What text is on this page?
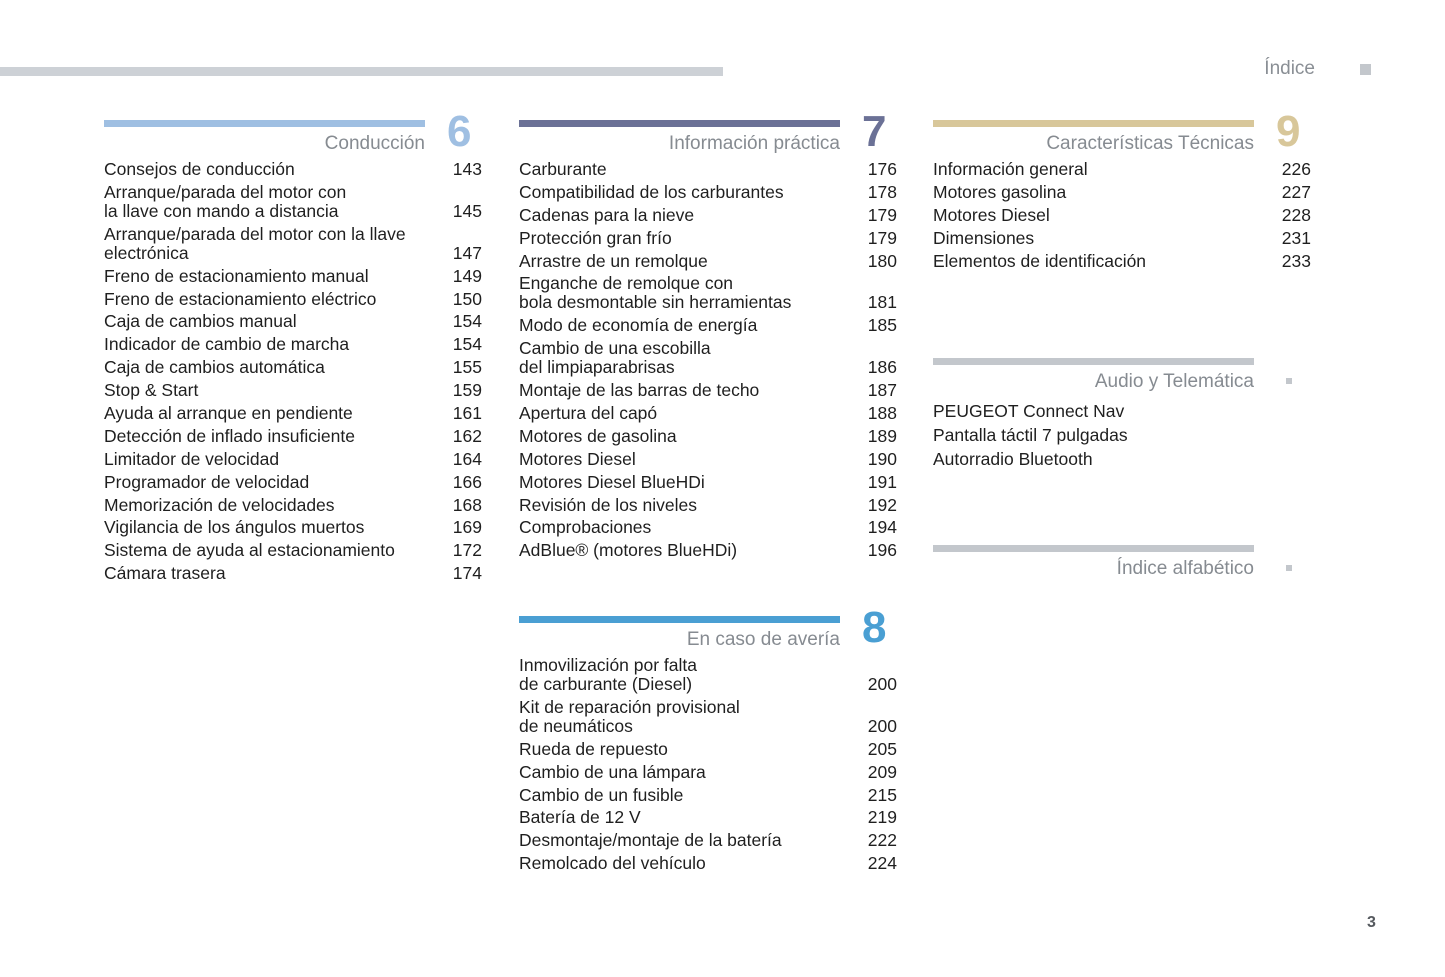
Índice
Conducción 6
Consejos de conducción	143
Arranque/parada del motor con
la llave con mando a distancia	145
Arranque/parada del motor con la llave
electrónica	147
Freno de estacionamiento manual	149
Freno de estacionamiento eléctrico	150
Caja de cambios manual	154
Indicador de cambio de marcha	154
Caja de cambios automática	155
Stop & Start	159
Ayuda al arranque en pendiente	161
Detección de inflado insuficiente	162
Limitador de velocidad	164
Programador de velocidad	166
Memorización de velocidades	168
Vigilancia de los ángulos muertos	169
Sistema de ayuda al estacionamiento	172
Cámara trasera	174
Información práctica 7
Carburante	176
Compatibilidad de los carburantes	178
Cadenas para la nieve	179
Protección gran frío	179
Arrastre de un remolque	180
Enganche de remolque con
bola desmontable sin herramientas	181
Modo de economía de energía	185
Cambio de una escobilla
del limpiaparabrisas	186
Montaje de las barras de techo	187
Apertura del capó	188
Motores de gasolina	189
Motores Diesel	190
Motores Diesel BlueHDi	191
Revisión de los niveles	192
Comprobaciones	194
AdBlue® (motores BlueHDi)	196
En caso de avería 8
Inmovilización por falta
de carburante (Diesel)	200
Kit de reparación provisional
de neumáticos	200
Rueda de repuesto	205
Cambio de una lámpara	209
Cambio de un fusible	215
Batería de 12 V	219
Desmontaje/montaje de la batería	222
Remolcado del vehículo	224
Características Técnicas 9
Información general	226
Motores gasolina	227
Motores Diesel	228
Dimensiones	231
Elementos de identificación	233
Audio y Telemática
PEUGEOT Connect Nav
Pantalla táctil 7 pulgadas
Autorradio Bluetooth
Índice alfabético
3
